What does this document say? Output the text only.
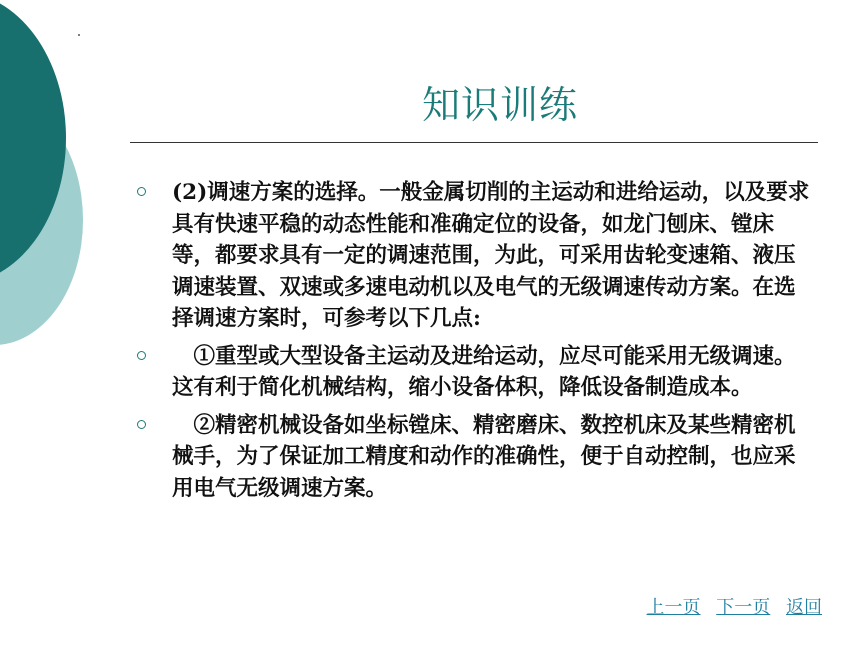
知识训练
(2)调速方案的选择。一般金属切削的主运动和进给运动，以及要求具有快速平稳的动态性能和准确定位的设备，如龙门刨床、镗床等，都要求具有一定的调速范围，为此，可采用齿轮变速箱、液压调速装置、双速或多速电动机以及电气的无级调速传动方案。在选择调速方案时，可参考以下几点:
　①重型或大型设备主运动及进给运动，应尽可能采用无级调速。这有利于简化机械结构，缩小设备体积，降低设备制造成本。
　②精密机械设备如坐标镗床、精密磨床、数控机床及某些精密机械手，为了保证加工精度和动作的准确性，便于自动控制，也应采用电气无级调速方案。
上一页 下一页 返回
